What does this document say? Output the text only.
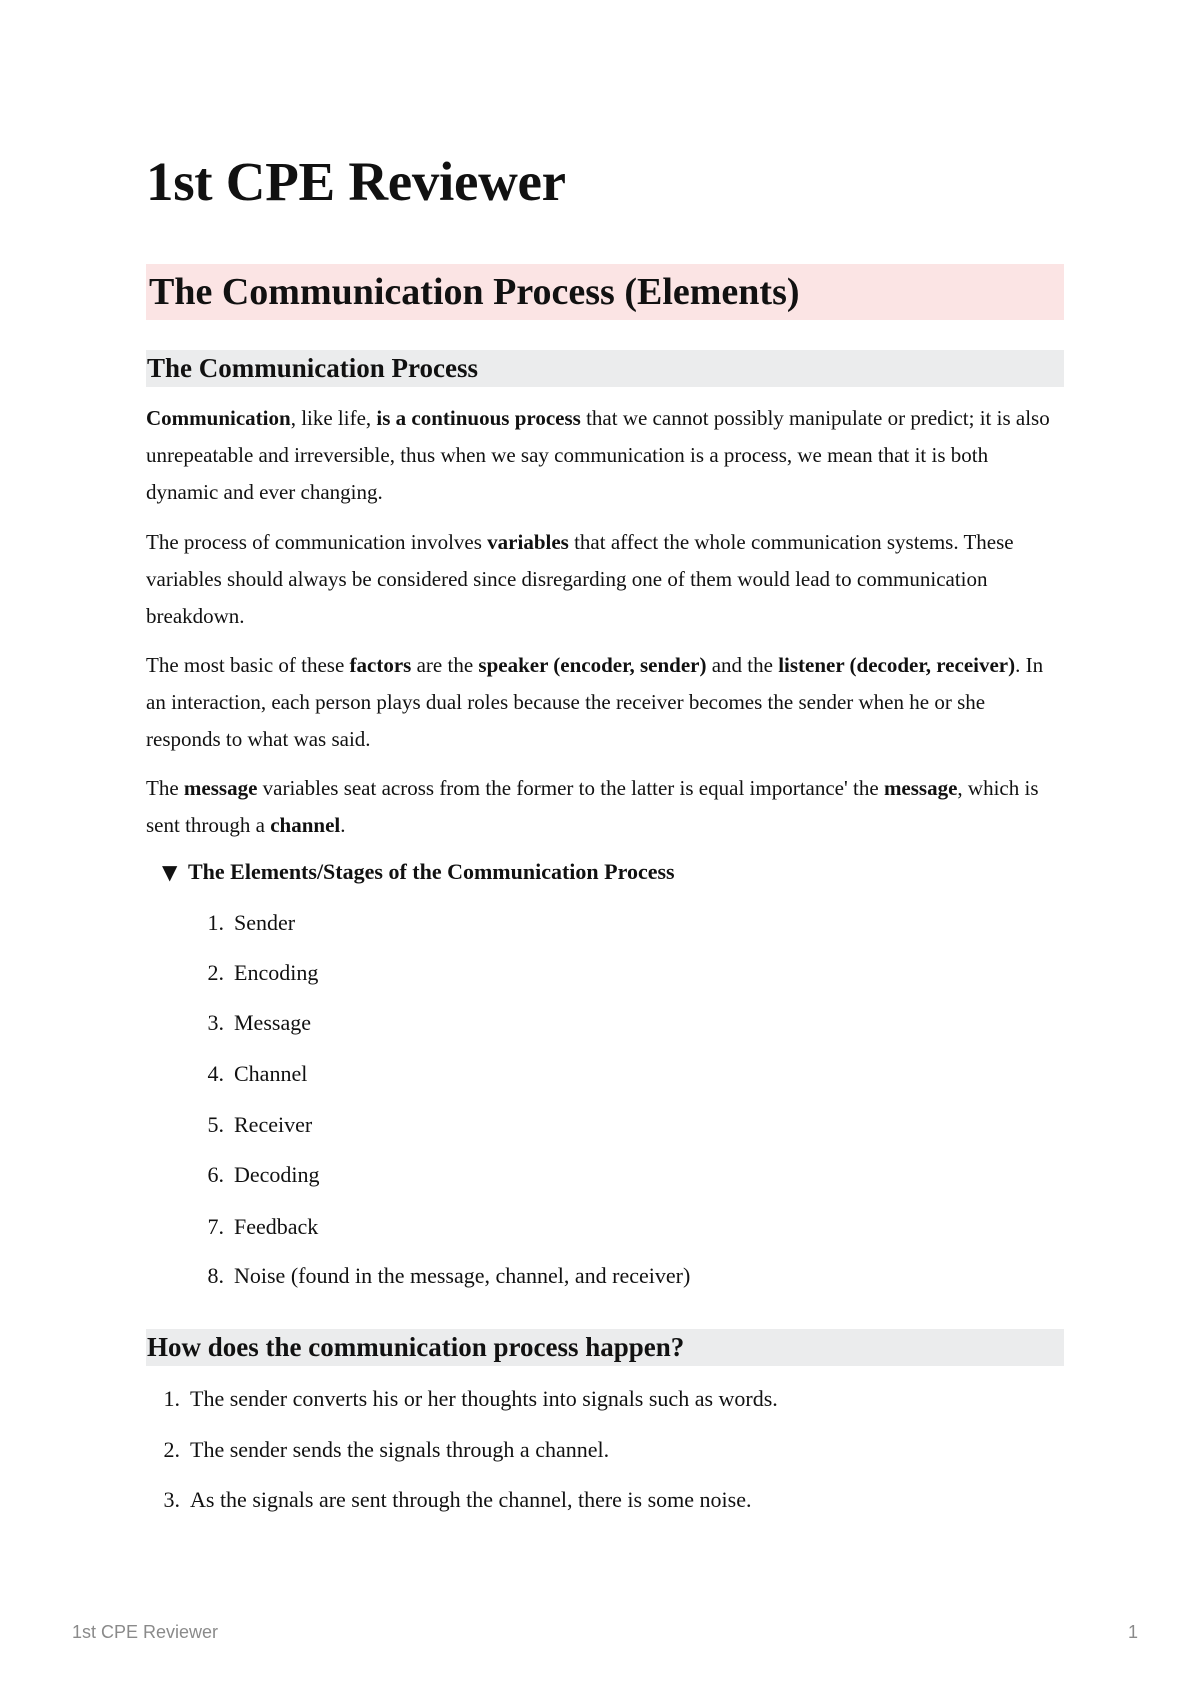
1st CPE Reviewer
The Communication Process (Elements)
The Communication Process

Communication, like life, is a continuous process that we cannot possibly manipulate or predict; it is also unrepeatable and irreversible, thus when we say communication is a process, we mean that it is both dynamic and ever changing.

The process of communication involves variables that affect the whole communication systems. These variables should always be considered since disregarding one of them would lead to communication breakdown.

The most basic of these factors are the speaker (encoder, sender) and the listener (decoder, receiver). In an interaction, each person plays dual roles because the receiver becomes the sender when he or she responds to what was said.

The message variables seat across from the former to the latter is equal importance' the message, which is sent through a channel.

▼ The Elements/Stages of the Communication Process
1. Sender
2. Encoding
3. Message
4. Channel
5. Receiver
6. Decoding
7. Feedback
8. Noise (found in the message, channel, and receiver)
How does the communication process happen?
1. The sender converts his or her thoughts into signals such as words.
2. The sender sends the signals through a channel.
3. As the signals are sent through the channel, there is some noise.
1st CPE Reviewer	1
